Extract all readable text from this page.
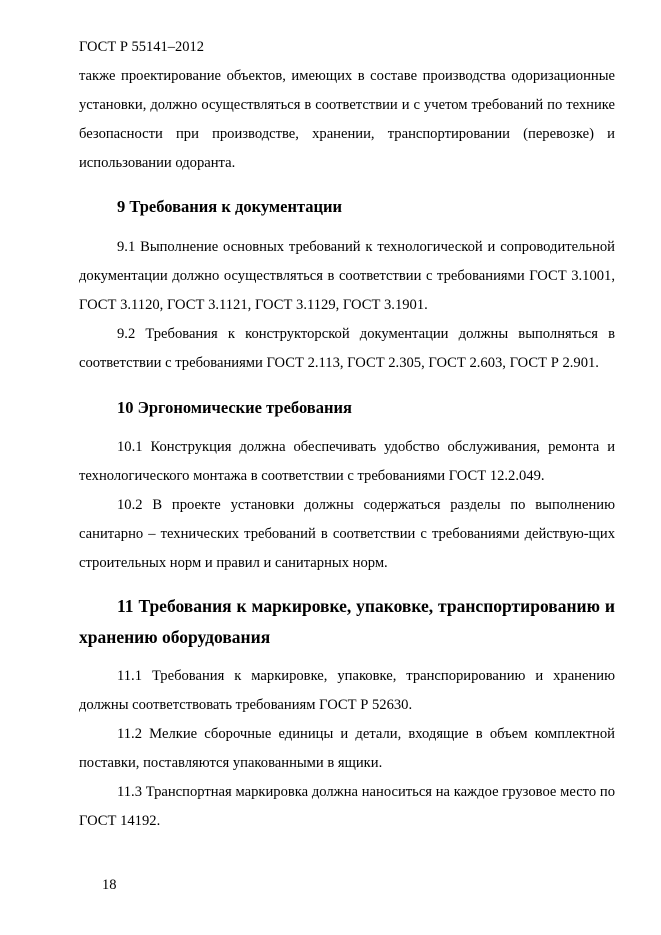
ГОСТ Р 55141–2012

также проектирование объектов, имеющих в составе производства одоризационные установки, должно осуществляться в соответствии и с учетом требований по технике безопасности при производстве, хранении, транспортировании (перевозке) и использовании одоранта.

9 Требования к документации

9.1 Выполнение основных требований к технологической и сопроводительной документации должно осуществляться в соответствии с требованиями ГОСТ 3.1001, ГОСТ 3.1120, ГОСТ 3.1121, ГОСТ 3.1129, ГОСТ 3.1901.

9.2 Требования к конструкторской документации должны выполняться в соответствии с требованиями ГОСТ 2.113, ГОСТ 2.305, ГОСТ 2.603, ГОСТ Р 2.901.

10 Эргономические требования

10.1 Конструкция должна обеспечивать удобство обслуживания, ремонта и технологического монтажа в соответствии с требованиями ГОСТ 12.2.049.

10.2 В проекте установки должны содержаться разделы по выполнению санитарно – технических требований в соответствии с требованиями действую-щих строительных норм и правил и санитарных норм.

11 Требования к маркировке, упаковке, транспортированию и хранению оборудования

11.1 Требования к маркировке, упаковке, транспорированию и хранению должны соответствовать требованиям ГОСТ Р 52630.

11.2 Мелкие сборочные единицы и детали, входящие в объем комплектной поставки, поставляются упакованными в ящики.

11.3 Транспортная маркировка должна наноситься на каждое грузовое место по ГОСТ 14192.

18
